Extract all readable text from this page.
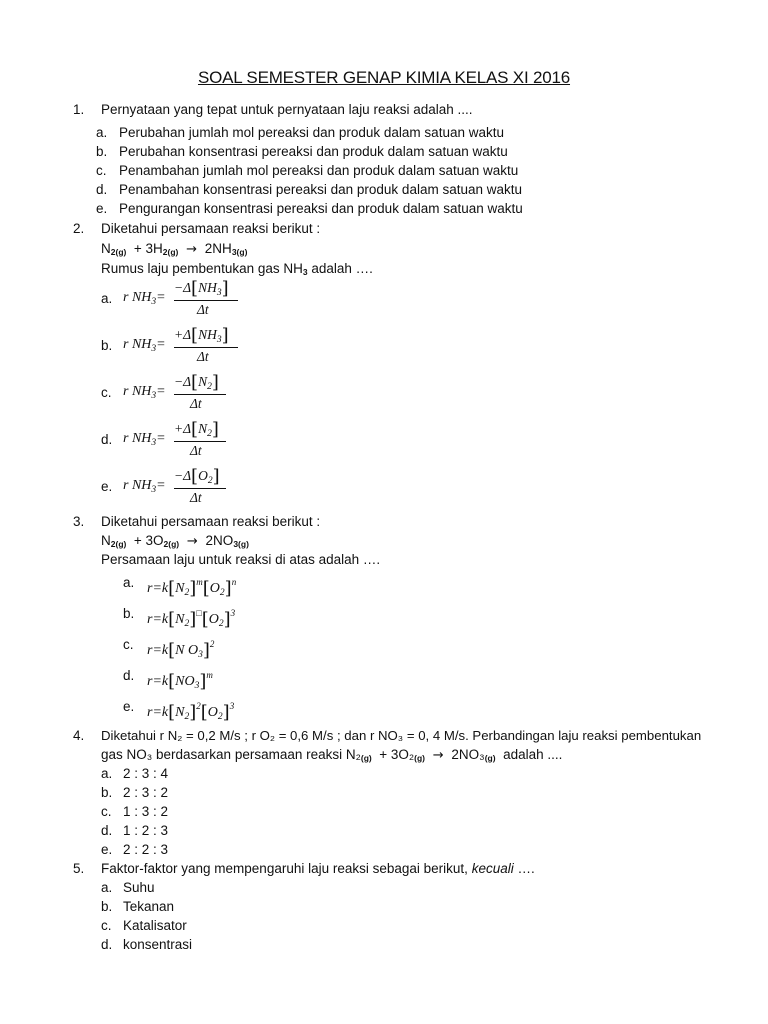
SOAL SEMESTER GENAP KIMIA KELAS XI 2016
1. Pernyataan yang tepat untuk pernyataan laju reaksi adalah ....
a. Perubahan jumlah mol pereaksi dan produk dalam satuan waktu
b. Perubahan konsentrasi pereaksi dan produk dalam satuan waktu
c. Penambahan jumlah mol pereaksi dan produk dalam satuan waktu
d. Penambahan konsentrasi pereaksi dan produk dalam satuan waktu
e. Pengurangan konsentrasi pereaksi dan produk dalam satuan waktu
2. Diketahui persamaan reaksi berikut :
$N_{2(g)} + 3H_{2(g)} \to 2NH_{3(g)}$
Rumus laju pembentukan gas $NH_3$ adalah ….
a. r $NH_3=$
$-\Delta[NH_3]$
Δt
b. r $NH_3=$
$+\Delta[NH_3]$
Δt
c. r $NH_3=$
$-\Delta[N_2]$
Δt
d. r $NH_3=$
$+\Delta[N_2]$
Δt
e. r $NH_3=$
$-\Delta[O_2]$
Δt
3. Diketahui persamaan reaksi berikut :
$N_{2(g)} + 3O_{2(g)} \to 2NO_{3(g)}$
Persamaan laju untuk reaksi di atas adalah ….
a. $r=k[N_2]^m[O_2]^n$
b. $r=k[N_2]^□[O_2]^3$
c. r=k[N $O_3]^2$
d. $r=k[NO_3]^m$
e. $r=k[N_2]^2[O_2]^3$
4. Diketahui r N₂ = 0,2 M/s ; r O₂ = 0,6 M/s ; dan r NO₃ = 0, 4 M/s. Perbandingan laju reaksi pembentukan
gas NO₃ berdasarkan persamaan reaksi $N_2_{(g)} + 3O_2_{(g)} \to 2NO_3_{(g)}$ adalah ....
a. 2 : 3 : 4
b. 2 : 3 : 2
c. 1 : 3 : 2
d. 1 : 2 : 3
e. 2 : 2 : 3
5. Faktor-faktor yang mempengaruhi laju reaksi sebagai berikut, kecuali ….
a. Suhu
b. Tekanan
c. Katalisator
d. konsentrasi
